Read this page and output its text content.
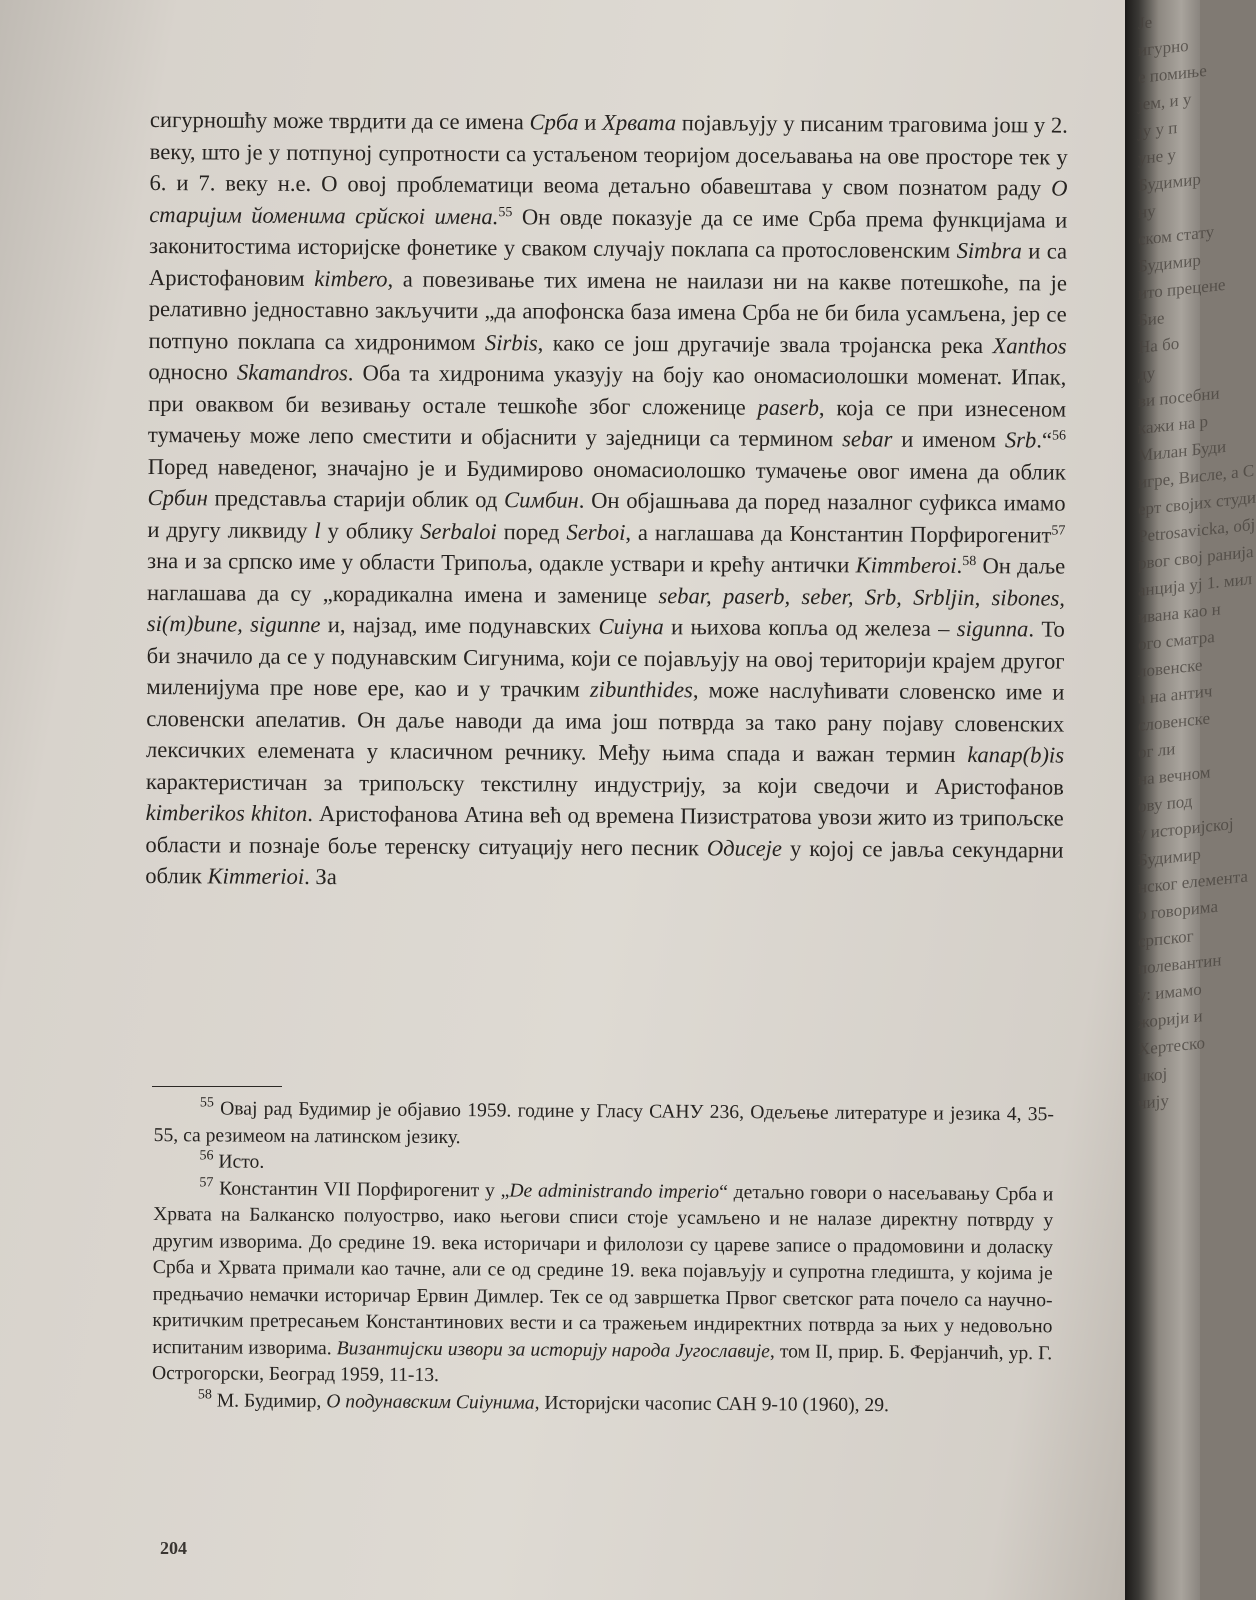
Је
игурно
е помиње
јем, и у
ју у п
уне у
Будимир
ну
ском стату
Будимир
ито прецене
Бие
На бо
ду
ви посебни
кажи на р
Милан Буди
игре, Висле, а С
ерт својих студи
Petrosavicka, обј
рвог свој ранија
анција уј 1. мил
ивана као н
ого сматра
ловенске
а на антич
словенске
ог ли
на вечном
ову под
у историјској
Будимир
нског елемента
о говорима
српског
полевантин
у: имамо
жорији и
Хертеско
чкој
чију

сигурношћу може тврдити да се имена Срба и Хрвата појављују у писаним траговима још у 2. веку, што је у потпуној супротности са устаљеном теоријом досељавања на ове просторе тек у 6. и 7. веку н.е. О овој проблематици веома детаљно обавештава у свом познатом раду О старијим йоменима срйскоi имена.$^{55}$ Он овде показује да се име Срба према функцијама и законитостима историјске фонетике у сваком случају поклапа са протословенским Simbra и са Аристофановим kimbero, а повезивање тих имена не наилази ни на какве потешкоће, па је релативно једноставно закључити „да апофонска база имена Срба не би била усамљена, јер се потпуно поклапа са хидронимом Sirbis, како се још другачије звала тројанска река Xanthos односно Skamandros. Оба та хидронима указују на боју као ономасиолошки моменат. Ипак, при оваквом би везивању остале тешкоће због сложенице paserb, која се при изнесеном тумачењу може лепо сместити и објаснити у заједници са термином sebar и именом Srb.“$^{56}$ Поред наведеног, значајно је и Будимирово ономасиолошко тумачење овог имена да облик Србин представља старији облик од Симбин. Он објашњава да поред назалног суфикса имамо и другу ликвиду l у облику Serbaloi поред Serboi, а наглашава да Константин Порфирогенит$^{57}$ зна и за српско име у области Трипоља, одакле уствари и крећу антички Kimmberoi.$^{58}$ Он даље наглашава да су „корадикална имена и заменице sebar, paserb, seber, Srb, Srbljin, sibones, si(m)bune, sigunne и, најзад, име подунавских Сиiуна и њихова копља од железа – sigunna. То би значило да се у подунавским Сигунима, који се појављују на овој територији крајем другог миленијума пре нове ере, као и у трачким zibunthides, може наслућивати словенско име и словенски апелатив. Он даље наводи да има још потврда за тако рану појаву словенских лексичких елемената у класичном речнику. Међу њима спада и важан термин kanap(b)is карактеристичан за трипољску текстилну индустрију, за који сведочи и Аристофанов kimberikos khiton. Аристофанова Атина већ од времена Пизистратова увози жито из трипољске области и познаје боље теренску ситуацију него песник Одисеје у којој се јавља секундарни облик Kimmerioi. За

$^{55}$ Овај рад Будимир је објавио 1959. године у Гласу САНУ 236, Одељење литературе и језика 4, 35-55, са резимеом на латинском језику.

$^{56}$ Исто.

$^{57}$ Константин VII Порфирогенит у „De administrando imperio“ детаљно говори о насељавању Срба и Хрвата на Балканско полуострво, иако његови списи стоје усамљено и не налазе директну потврду у другим изворима. До средине 19. века историчари и филолози су цареве записе о прадомовини и доласку Срба и Хрвата примали као тачне, али се од средине 19. века појављују и супротна гледишта, у којима је предњачио немачки историчар Ервин Димлер. Тек се од завршетка Првог светског рата почело са научно-критичким претресањем Константинових вести и са тражењем индиректних потврда за њих у недовољно испитаним изворима. Византијски извори за историју народа Југославије, том II, прир. Б. Ферјанчић, ур. Г. Острогорски, Београд 1959, 11-13.

$^{58}$ М. Будимир, О подунавским Сиiунима, Историјски часопис САН 9-10 (1960), 29.

204
